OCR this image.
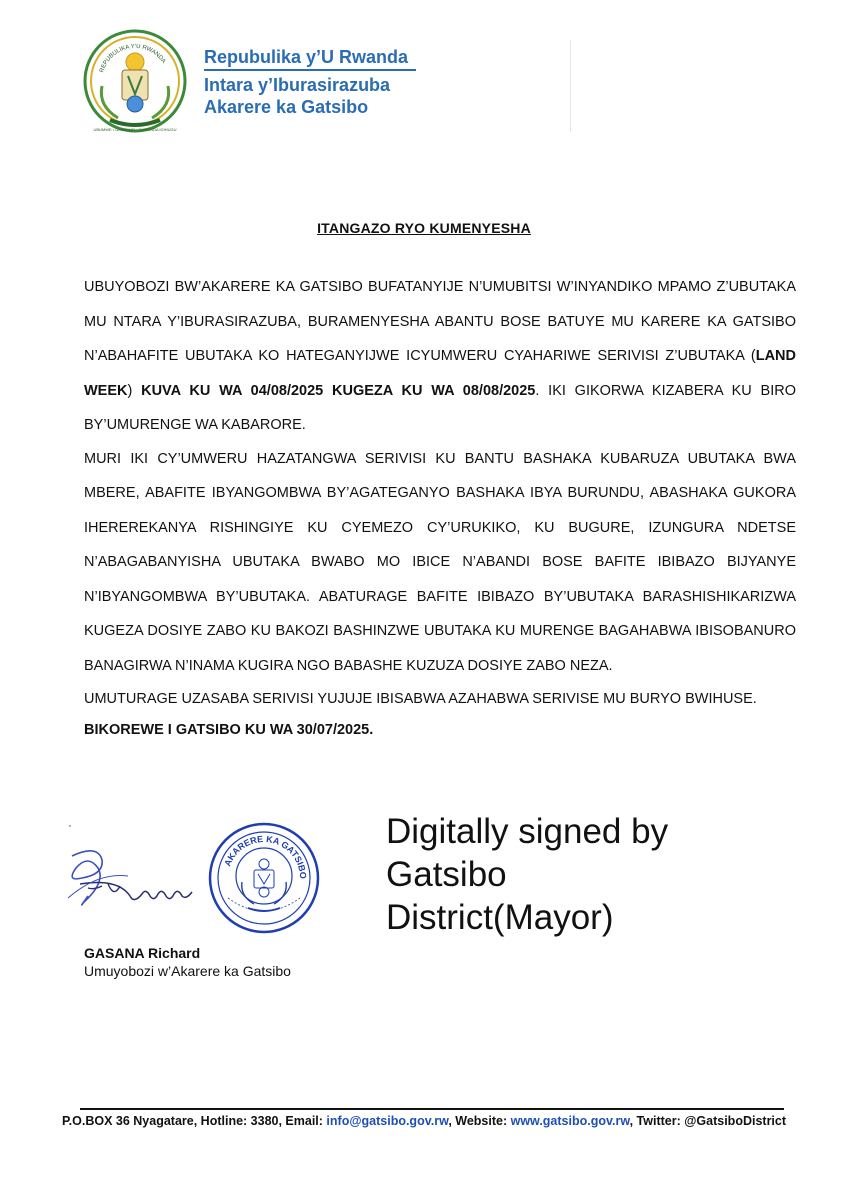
REPUBULIKA Y'U RWANDA
UBUMWE • UMURIMO • GUKUNDA IGIHUGU
Repubulika y’U Rwanda
Intara y’Iburasirazuba
Akarere ka Gatsibo
ITANGAZO RYO KUMENYESHA

UBUYOBOZI BW’AKARERE KA GATSIBO BUFATANYIJE N’UMUBITSI W’INYANDIKO MPAMO Z’UBUTAKA MU NTARA Y’IBURASIRAZUBA, BURAMENYESHA ABANTU BOSE BATUYE MU KARERE KA GATSIBO N’ABAHAFITE UBUTAKA KO HATEGANYIJWE ICYUMWERU CYAHARIWE SERIVISI Z’UBUTAKA (LAND WEEK) KUVA KU WA 04/08/2025 KUGEZA KU WA 08/08/2025. IKI GIKORWA KIZABERA KU BIRO BY’UMURENGE WA KABARORE.

MURI IKI CY’UMWERU HAZATANGWA SERIVISI KU BANTU BASHAKA KUBARUZA UBUTAKA BWA MBERE, ABAFITE IBYANGOMBWA BY’AGATEGANYO BASHAKA IBYA BURUNDU, ABASHAKA GUKORA IHEREREKANYA RISHINGIYE KU CYEMEZO CY’URUKIKO, KU BUGURE, IZUNGURA NDETSE N’ABAGABANYISHA UBUTAKA BWABO MO IBICE N’ABANDI BOSE BAFITE IBIBAZO BIJYANYE N’IBYANGOMBWA BY’UBUTAKA. ABATURAGE BAFITE IBIBAZO BY’UBUTAKA BARASHISHIKARIZWA KUGEZA DOSIYE ZABO KU BAKOZI BASHINZWE UBUTAKA KU MURENGE BAGAHABWA IBISOBANURO BANAGIRWA N’INAMA KUGIRA NGO BABASHE KUZUZA DOSIYE ZABO NEZA.

UMUTURAGE UZASABA SERIVISI YUJUJE IBISABWA AZAHABWA SERIVISE MU BURYO BWIHUSE.

BIKOREWE I GATSIBO KU WA 30/07/2025.
AKARERE KA GATSIBO
Digitally signed by Gatsibo District(Mayor)
GASANA Richard
Umuyobozi w’Akarere ka Gatsibo
P.O.BOX 36 Nyagatare, Hotline: 3380, Email: info@gatsibo.gov.rw, Website: www.gatsibo.gov.rw, Twitter: @GatsiboDistrict
